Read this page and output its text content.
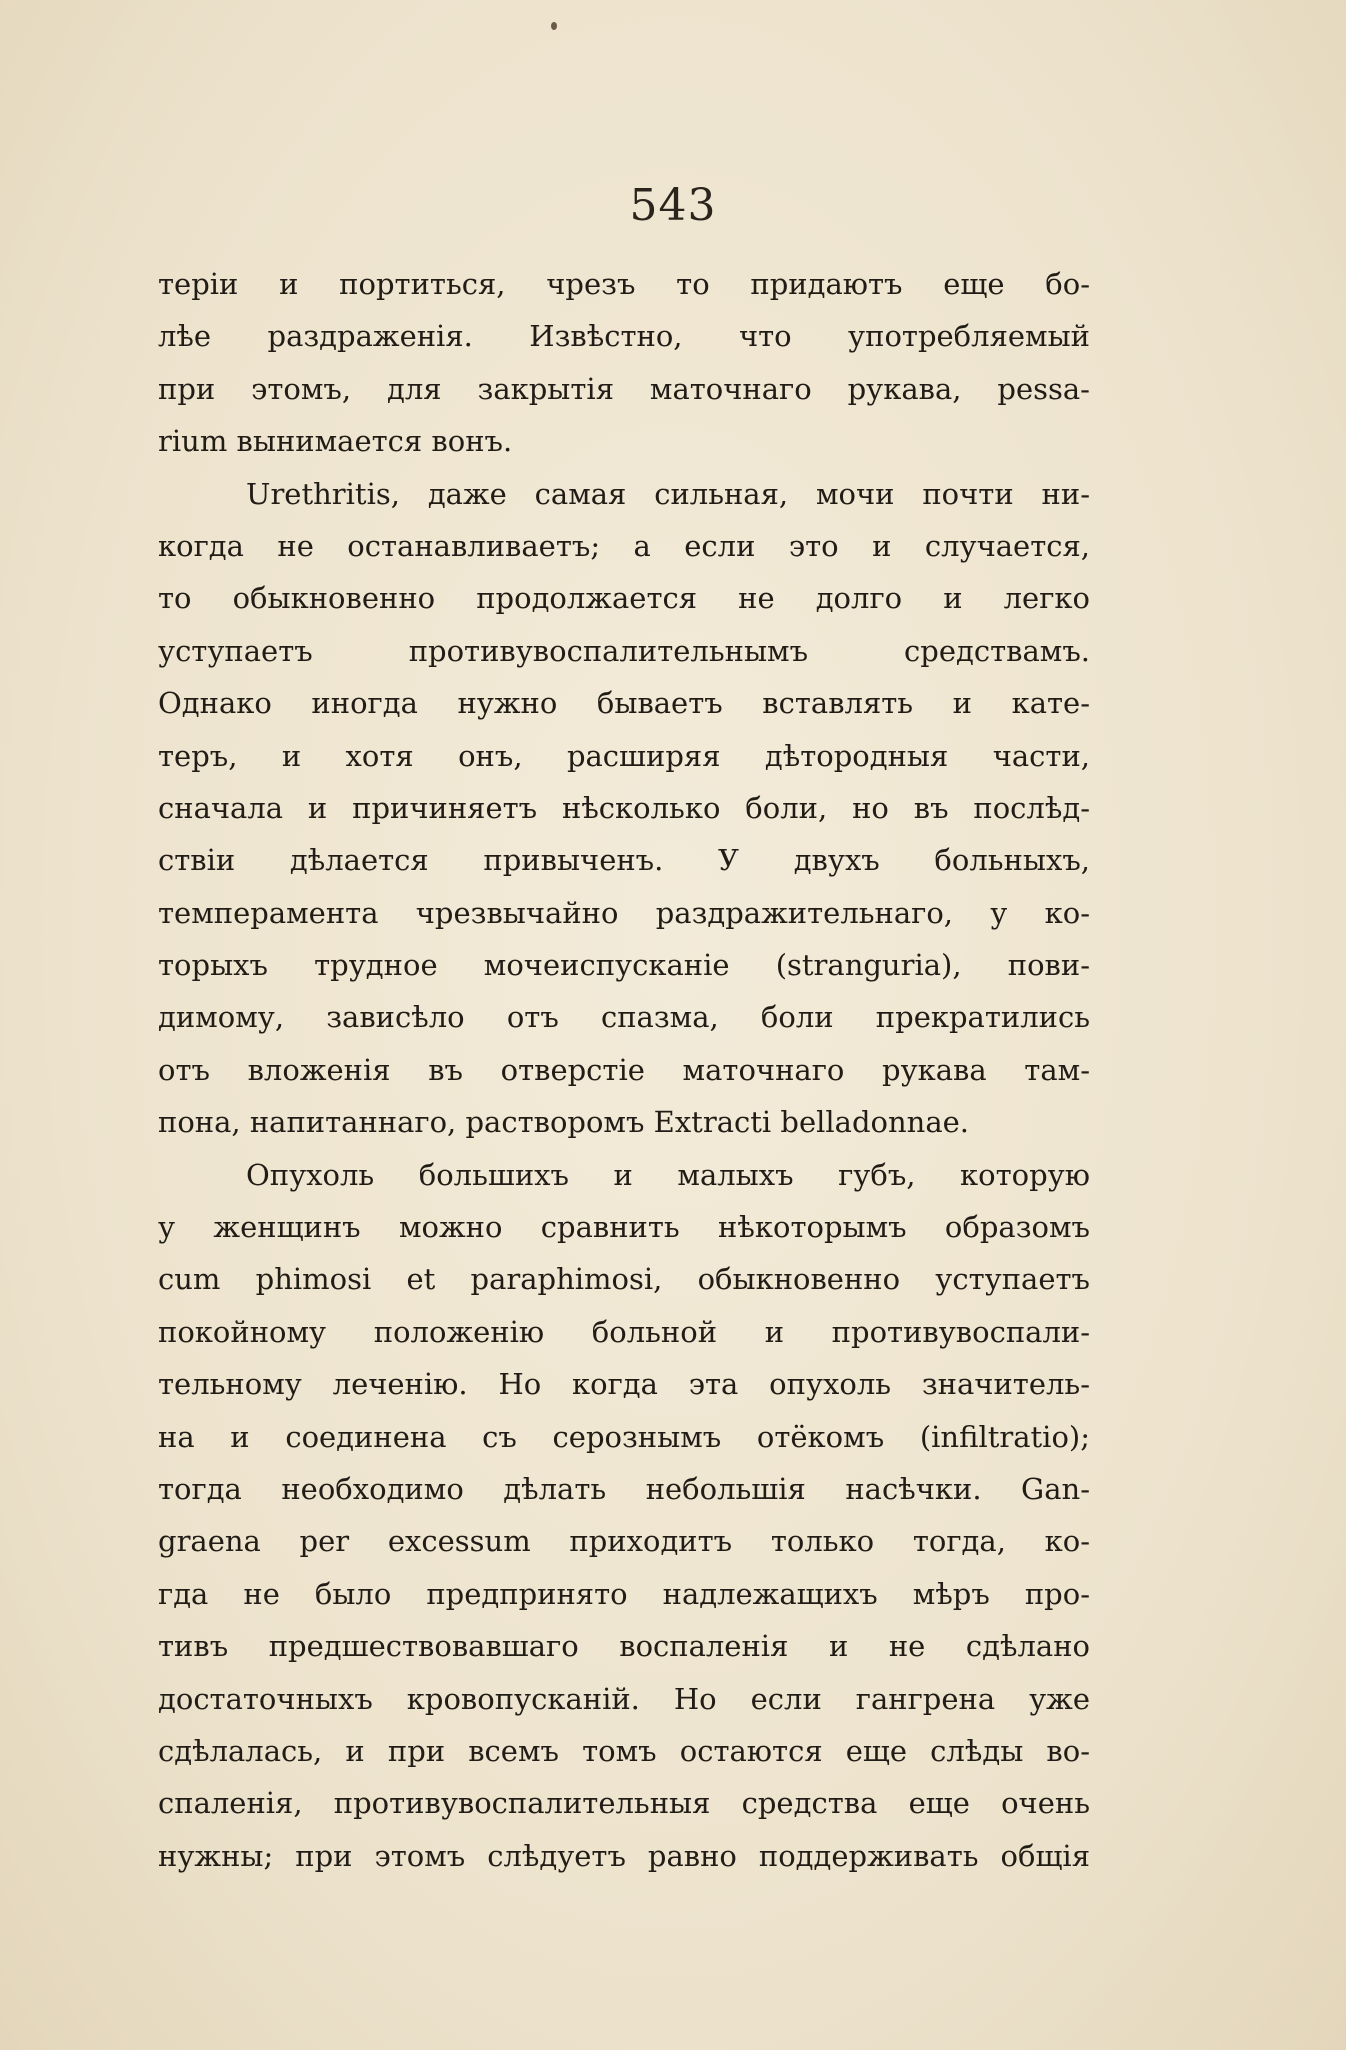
543
теріи и портиться, чрезъ то придаютъ еще бо-
лѣе раздраженія. Извѣстно, что употребляемый
при этомъ, для закрытія маточнаго рукава, pessa-
rium вынимается вонъ.
Urethritis, даже самая сильная, мочи почти ни-
когда не останавливаетъ; а если это и случается,
то обыкновенно продолжается не долго и легко
уступаетъ противувоспалительнымъ средствамъ.
Однако иногда нужно бываетъ вставлять и кате-
теръ, и хотя онъ, расширяя дѣтородныя части,
сначала и причиняетъ нѣсколько боли, но въ послѣд-
ствіи дѣлается привыченъ. У двухъ больныхъ,
темперамента чрезвычайно раздражительнаго, у ко-
торыхъ трудное мочеиспусканіе (stranguria), пови-
димому, зависѣло отъ спазма, боли прекратились
отъ вложенія въ отверстіе маточнаго рукава там-
пона, напитаннаго, растворомъ Extracti belladonnae.
Опухоль большихъ и малыхъ губъ, которую
у женщинъ можно сравнить нѣкоторымъ образомъ
cum phimosi et paraphimosi, обыкновенно уступаетъ
покойному положенію больной и противувоспали-
тельному леченію. Но когда эта опухоль значитель-
на и соединена съ серознымъ отёкомъ (infiltratio);
тогда необходимо дѣлать небольшія насѣчки. Gan-
graena per excessum приходитъ только тогда, ко-
гда не было предпринято надлежащихъ мѣръ про-
тивъ предшествовавшаго воспаленія и не сдѣлано
достаточныхъ кровопусканій. Но если гангрена уже
сдѣлалась, и при всемъ томъ остаются еще слѣды во-
спаленія, противувоспалительныя средства еще очень
нужны; при этомъ слѣдуетъ равно поддерживать общія
